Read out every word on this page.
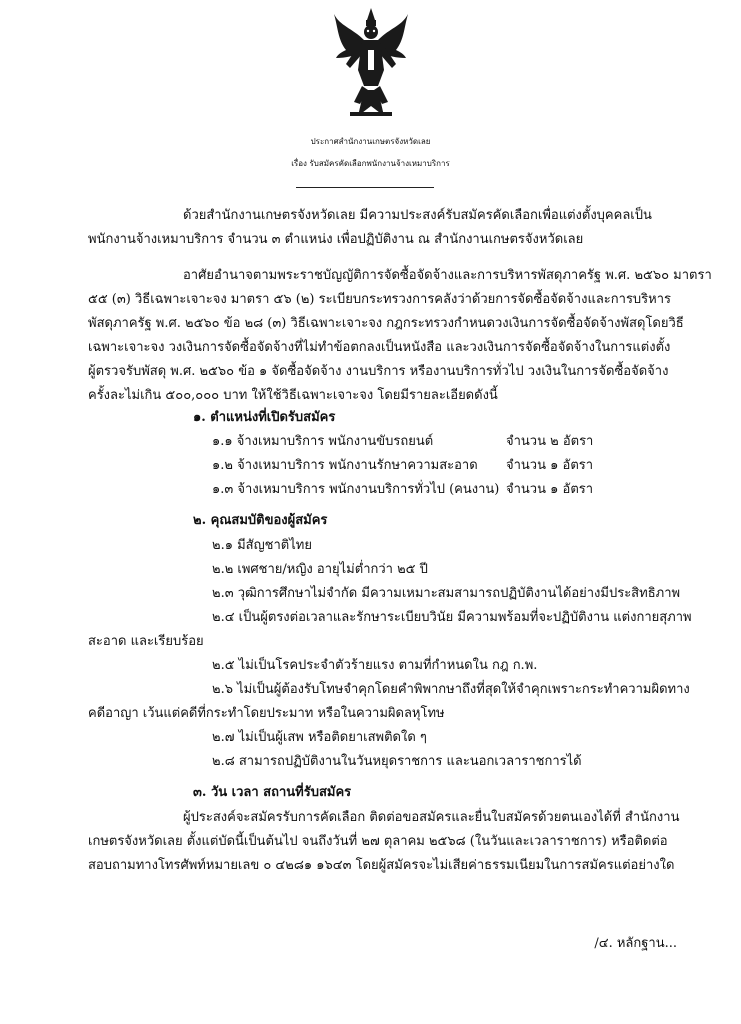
ประกาศสำนักงานเกษตรจังหวัดเลย
เรื่อง รับสมัครคัดเลือกพนักงานจ้างเหมาบริการ
ด้วยสำนักงานเกษตรจังหวัดเลย มีความประสงค์รับสมัครคัดเลือกเพื่อแต่งตั้งบุคคลเป็น
พนักงานจ้างเหมาบริการ จำนวน ๓ ตำแหน่ง เพื่อปฏิบัติงาน ณ สำนักงานเกษตรจังหวัดเลย
อาศัยอำนาจตามพระราชบัญญัติการจัดซื้อจัดจ้างและการบริหารพัสดุภาครัฐ พ.ศ. ๒๕๖๐ มาตรา
๕๕ (๓) วิธีเฉพาะเจาะจง มาตรา ๕๖ (๒) ระเบียบกระทรวงการคลังว่าด้วยการจัดซื้อจัดจ้างและการบริหาร
พัสดุภาครัฐ พ.ศ. ๒๕๖๐ ข้อ ๒๘ (๓) วิธีเฉพาะเจาะจง กฎกระทรวงกำหนดวงเงินการจัดซื้อจัดจ้างพัสดุโดยวิธี
เฉพาะเจาะจง วงเงินการจัดซื้อจัดจ้างที่ไม่ทำข้อตกลงเป็นหนังสือ และวงเงินการจัดซื้อจัดจ้างในการแต่งตั้ง
ผู้ตรวจรับพัสดุ พ.ศ. ๒๕๖๐ ข้อ ๑ จัดซื้อจัดจ้าง งานบริการ หรืองานบริการทั่วไป วงเงินในการจัดซื้อจัดจ้าง
ครั้งละไม่เกิน ๕๐๐,๐๐๐ บาท ให้ใช้วิธีเฉพาะเจาะจง โดยมีรายละเอียดดังนี้
๑. ตำแหน่งที่เปิดรับสมัคร
๑.๑ จ้างเหมาบริการ พนักงานขับรถยนต์	จำนวน ๒ อัตรา
๑.๒ จ้างเหมาบริการ พนักงานรักษาความสะอาด จำนวน ๑ อัตรา
๑.๓ จ้างเหมาบริการ พนักงานบริการทั่วไป (คนงาน) จำนวน ๑ อัตรา
๒. คุณสมบัติของผู้สมัคร
๒.๑ มีสัญชาติไทย
๒.๒ เพศชาย/หญิง อายุไม่ต่ำกว่า ๒๕ ปี
๒.๓ วุฒิการศึกษาไม่จำกัด มีความเหมาะสมสามารถปฏิบัติงานได้อย่างมีประสิทธิภาพ
๒.๔ เป็นผู้ตรงต่อเวลาและรักษาระเบียบวินัย มีความพร้อมที่จะปฏิบัติงาน แต่งกายสุภาพ
สะอาด และเรียบร้อย
๒.๕ ไม่เป็นโรคประจำตัวร้ายแรง ตามที่กำหนดใน กฎ ก.พ.
๒.๖ ไม่เป็นผู้ต้องรับโทษจำคุกโดยคำพิพากษาถึงที่สุดให้จำคุกเพราะกระทำความผิดทาง
คดีอาญา เว้นแต่คดีที่กระทำโดยประมาท หรือในความผิดลหุโทษ
๒.๗ ไม่เป็นผู้เสพ หรือติดยาเสพติดใด ๆ
๒.๘ สามารถปฏิบัติงานในวันหยุดราชการ และนอกเวลาราชการได้
๓. วัน เวลา สถานที่รับสมัคร
ผู้ประสงค์จะสมัครรับการคัดเลือก ติดต่อขอสมัครและยื่นใบสมัครด้วยตนเองได้ที่ สำนักงาน
เกษตรจังหวัดเลย ตั้งแต่บัดนี้เป็นต้นไป จนถึงวันที่ ๒๗ ตุลาคม ๒๕๖๘ (ในวันและเวลาราชการ) หรือติดต่อ
สอบถามทางโทรศัพท์หมายเลข ๐ ๔๒๘๑ ๑๖๔๓ โดยผู้สมัครจะไม่เสียค่าธรรมเนียมในการสมัครแต่อย่างใด
/๔. หลักฐาน...
